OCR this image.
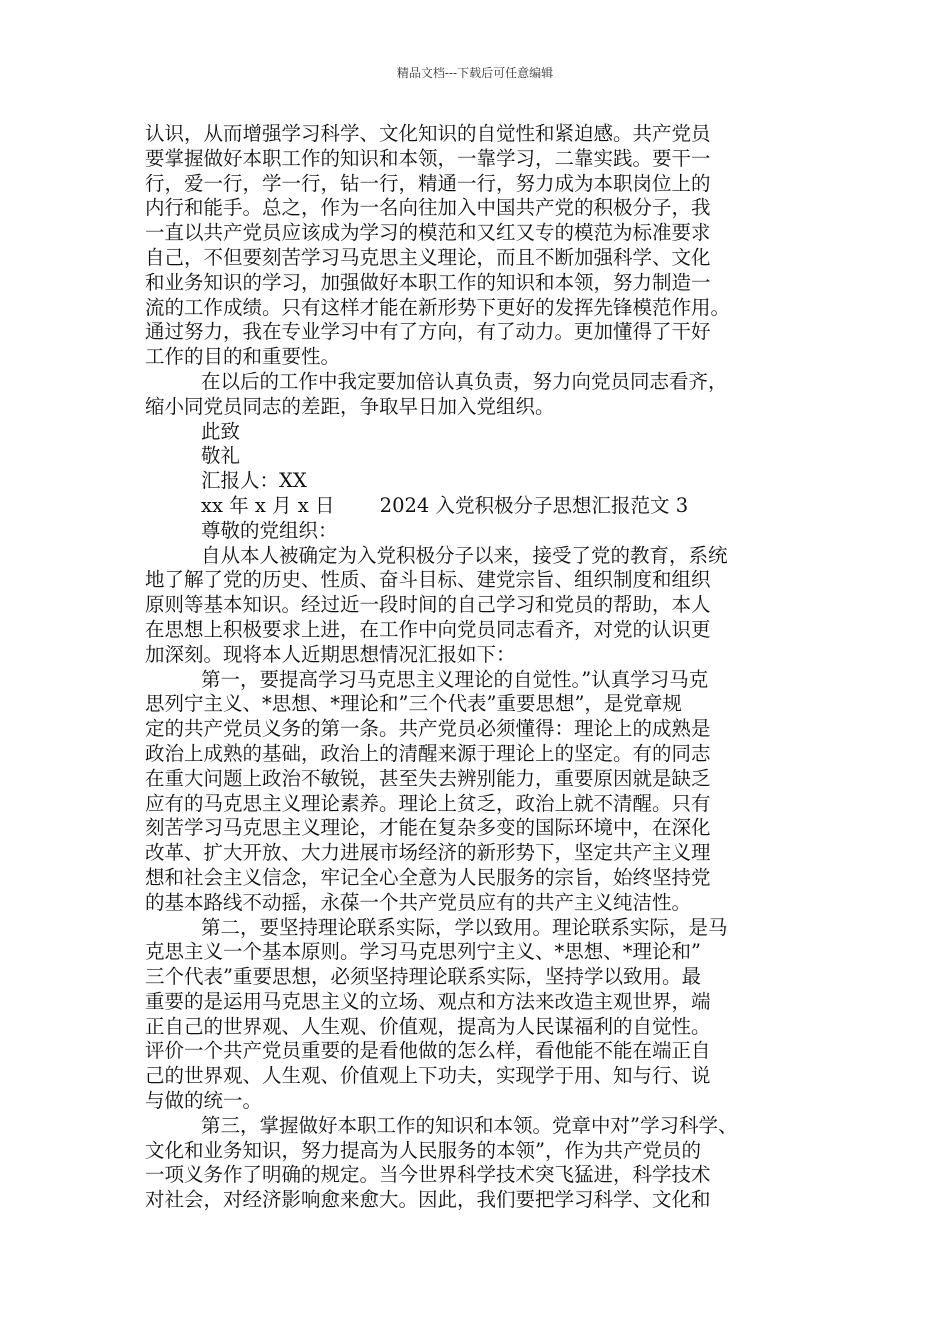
精品文档---下载后可任意编辑
认识，从而增强学习科学、文化知识的自觉性和紧迫感。共产党员
要掌握做好本职工作的知识和本领，一靠学习，二靠实践。要干一
行，爱一行，学一行，钻一行，精通一行，努力成为本职岗位上的
内行和能手。总之，作为一名向往加入中国共产党的积极分子，我
一直以共产党员应该成为学习的模范和又红又专的模范为标准要求
自己，不但要刻苦学习马克思主义理论，而且不断加强科学、文化
和业务知识的学习，加强做好本职工作的知识和本领，努力制造一
流的工作成绩。只有这样才能在新形势下更好的发挥先锋模范作用。
通过努力，我在专业学习中有了方向，有了动力。更加懂得了干好
工作的目的和重要性。
在以后的工作中我定要加倍认真负责，努力向党员同志看齐，
缩小同党员同志的差距，争取早日加入党组织。
此致
敬礼
汇报人：XX
xx 年 x 月 x 日　　 2024 入党积极分子思想汇报范文 3
尊敬的党组织：
自从本人被确定为入党积极分子以来，接受了党的教育，系统
地了解了党的历史、性质、奋斗目标、建党宗旨、组织制度和组织
原则等基本知识。经过近一段时间的自己学习和党员的帮助，本人
在思想上积极要求上进，在工作中向党员同志看齐，对党的认识更
加深刻。现将本人近期思想情况汇报如下：
第一，要提高学习马克思主义理论的自觉性。”认真学习马克
思列宁主义、*思想、*理论和”三个代表”重要思想”，是党章规
定的共产党员义务的第一条。共产党员必须懂得：理论上的成熟是
政治上成熟的基础，政治上的清醒来源于理论上的坚定。有的同志
在重大问题上政治不敏锐，甚至失去辨别能力，重要原因就是缺乏
应有的马克思主义理论素养。理论上贫乏，政治上就不清醒。只有
刻苦学习马克思主义理论，才能在复杂多变的国际环境中，在深化
改革、扩大开放、大力进展市场经济的新形势下，坚定共产主义理
想和社会主义信念，牢记全心全意为人民服务的宗旨，始终坚持党
的基本路线不动摇，永葆一个共产党员应有的共产主义纯洁性。
第二，要坚持理论联系实际，学以致用。理论联系实际，是马
克思主义一个基本原则。学习马克思列宁主义、*思想、*理论和”
三个代表”重要思想，必须坚持理论联系实际，坚持学以致用。最
重要的是运用马克思主义的立场、观点和方法来改造主观世界，端
正自己的世界观、人生观、价值观，提高为人民谋福利的自觉性。
评价一个共产党员重要的是看他做的怎么样，看他能不能在端正自
己的世界观、人生观、价值观上下功夫，实现学于用、知与行、说
与做的统一。
第三，掌握做好本职工作的知识和本领。党章中对”学习科学、
文化和业务知识，努力提高为人民服务的本领”，作为共产党员的
一项义务作了明确的规定。当今世界科学技术突飞猛进，科学技术
对社会，对经济影响愈来愈大。因此，我们要把学习科学、文化和
